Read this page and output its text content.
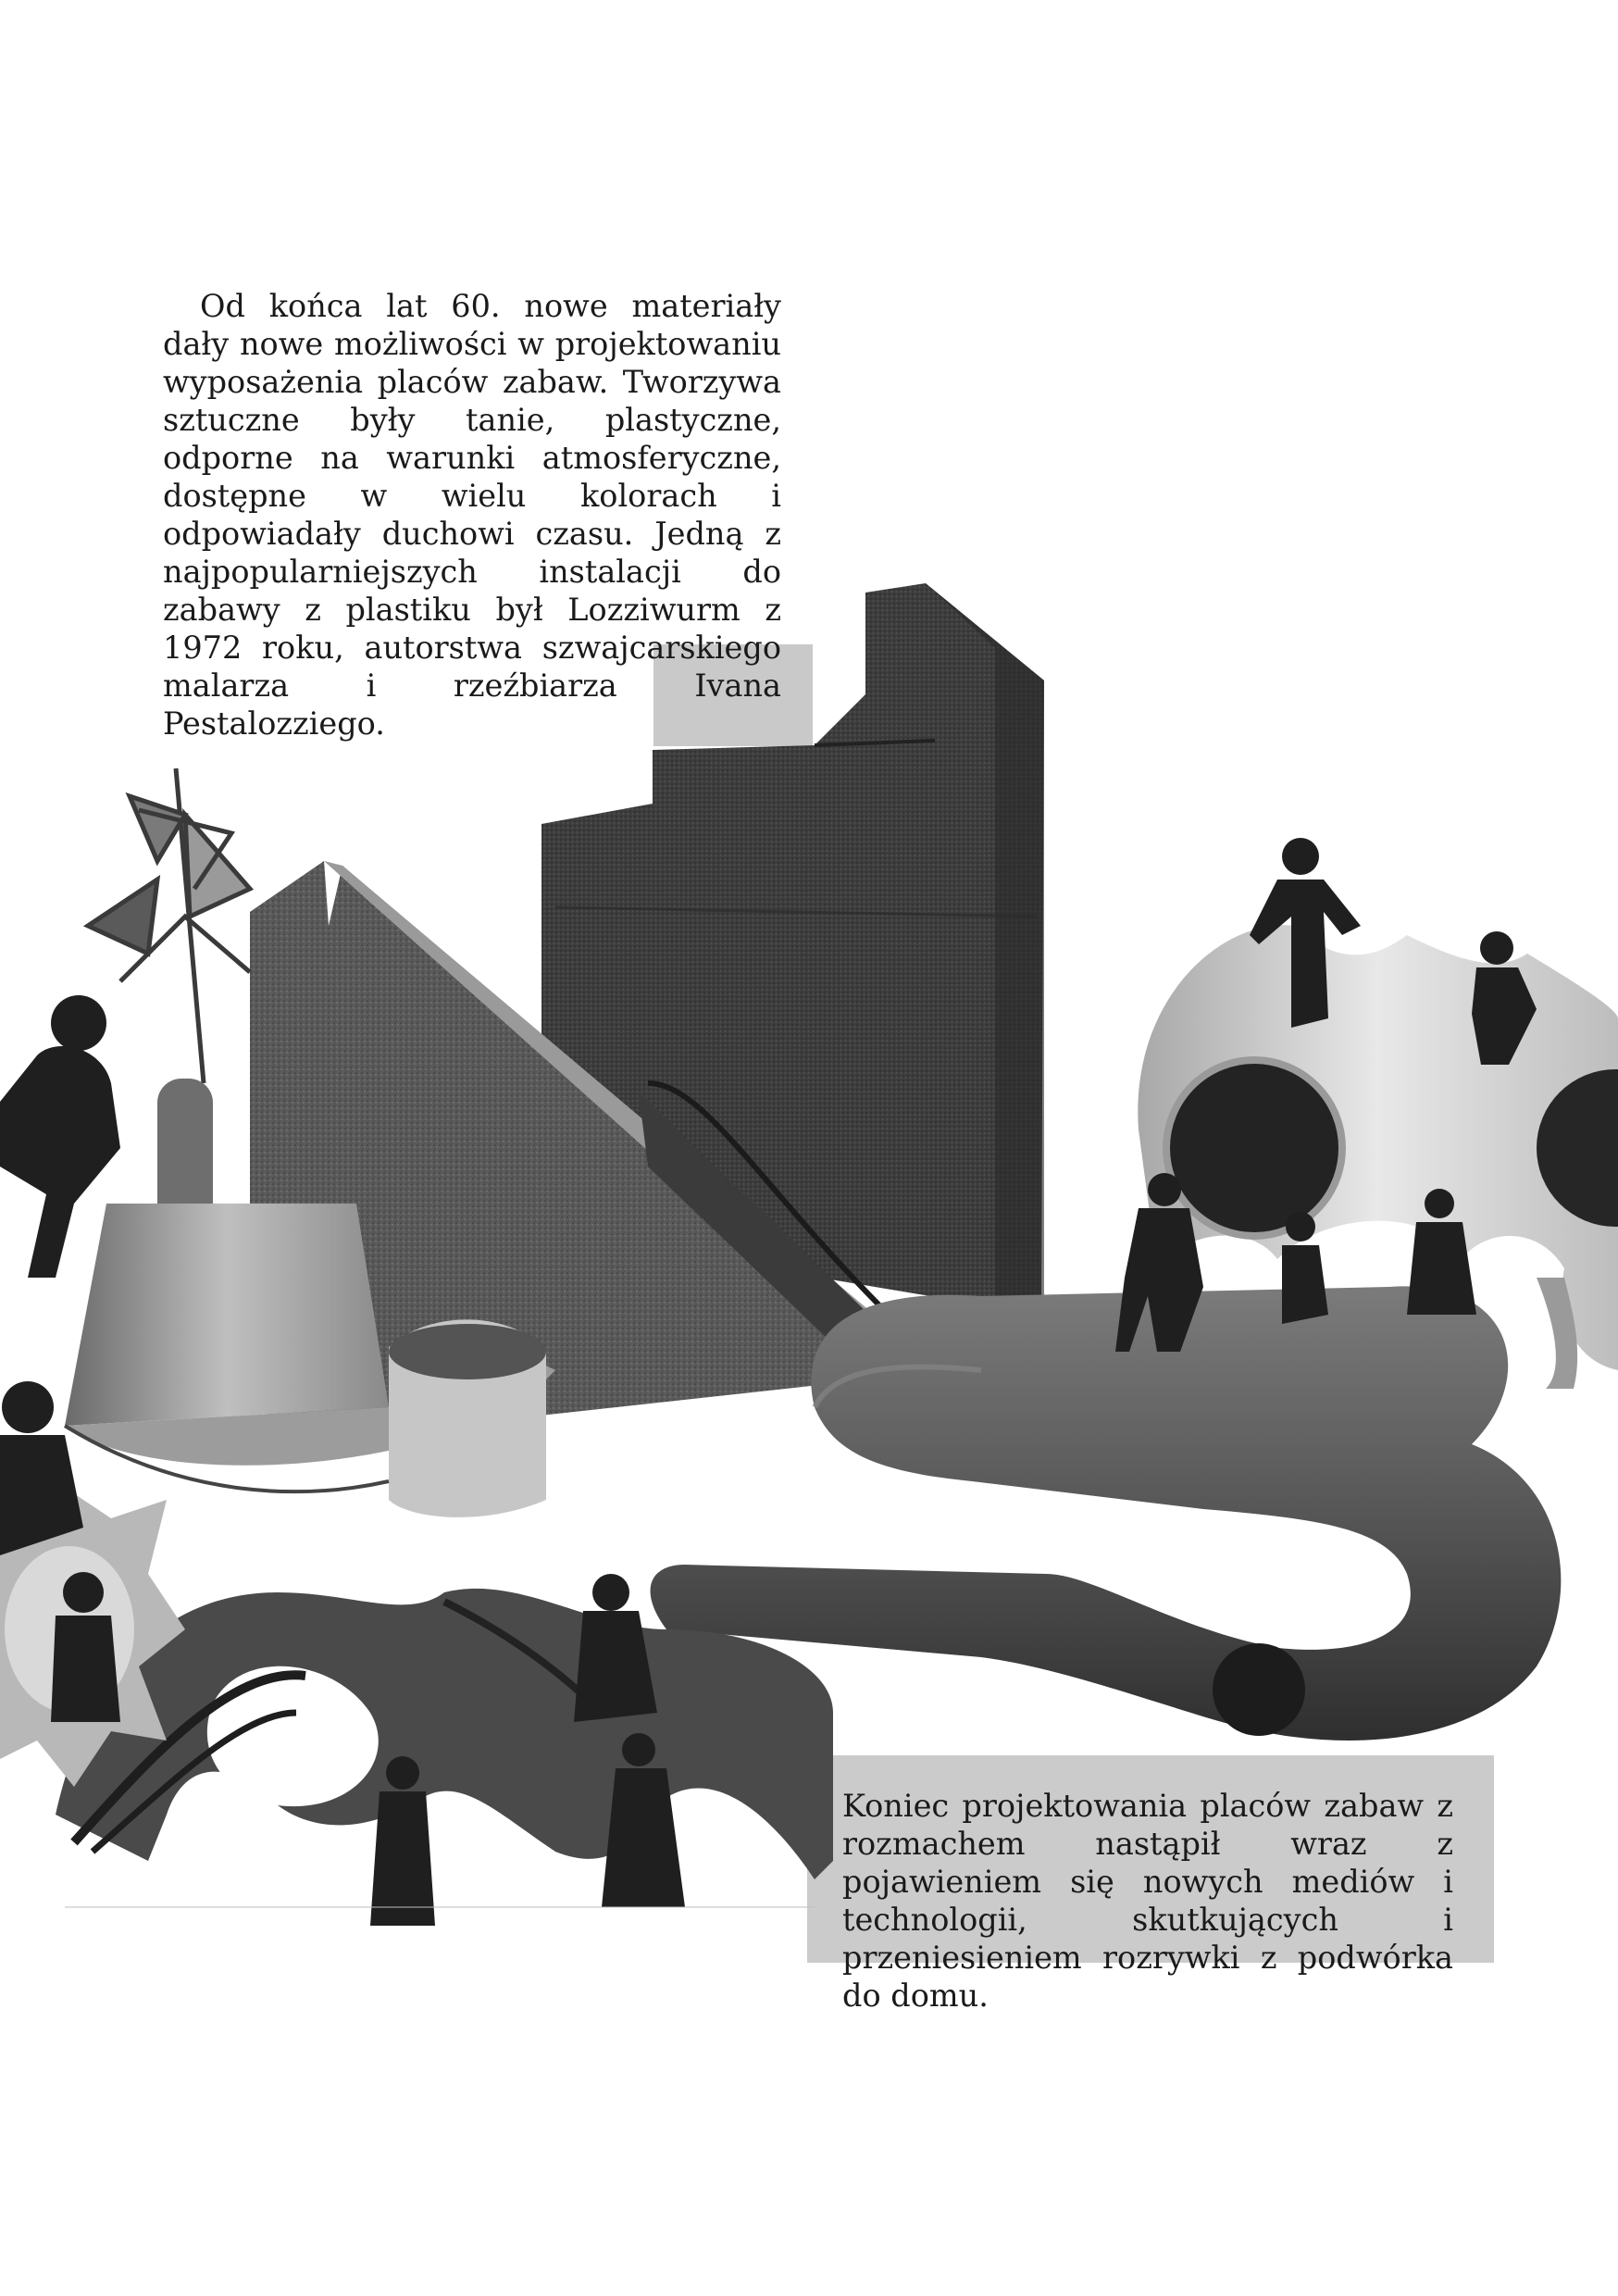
Od końca lat 60. nowe materiały dały nowe możliwości w projektowaniu wyposażenia placów zabaw. Tworzywa sztuczne były tanie, plastyczne, odporne na warunki atmosferyczne, dostępne w wielu kolorach i odpowiadały duchowi czasu. Jedną z najpopularniejszych instalacji do zabawy z plastiku był Lozziwurm z 1972 roku, autorstwa szwajcarskiego malarza i rzeźbiarza Ivana Pestalozziego.

Koniec projektowania placów zabaw z rozmachem nastąpił wraz z pojawieniem się nowych mediów i technologii, skutkujących i przeniesieniem rozrywki z podwórka do domu.
